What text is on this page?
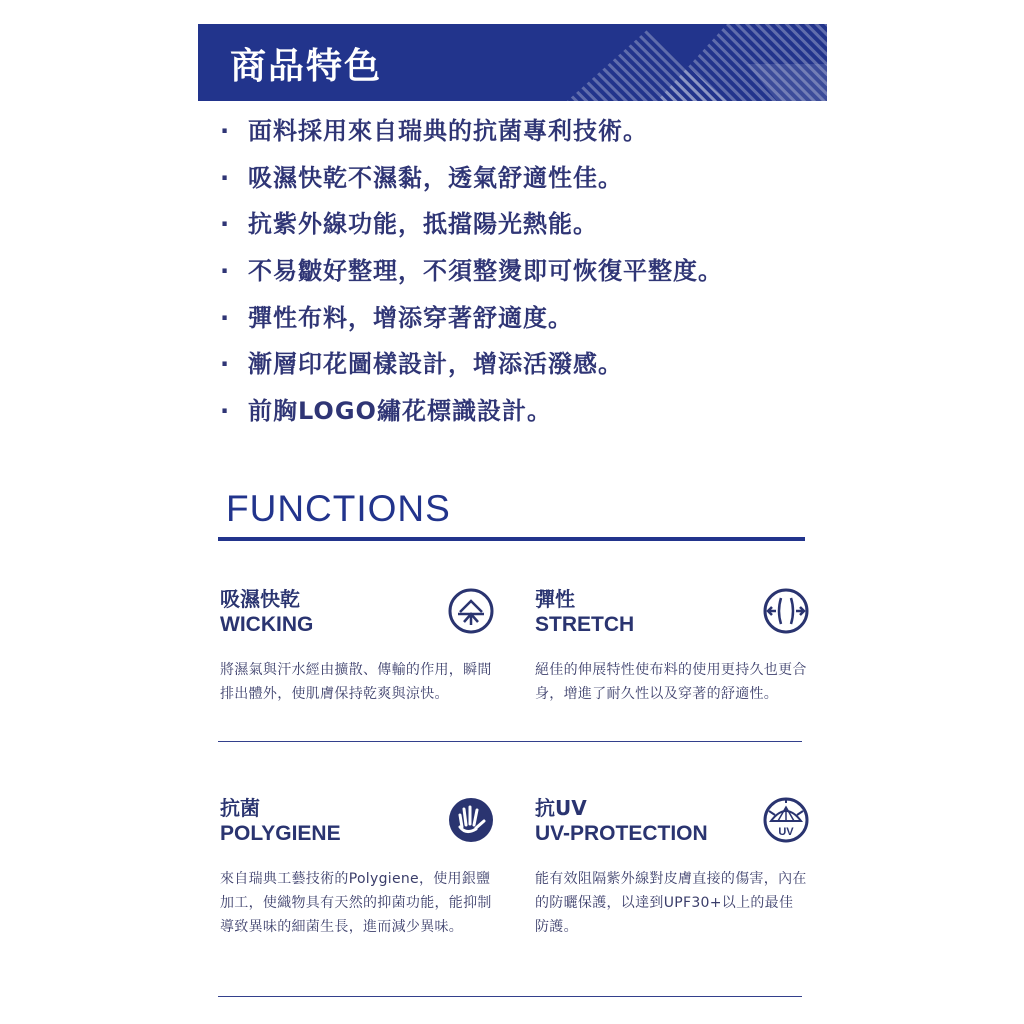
商品特色
· 面料採用來自瑞典的抗菌專利技術。
· 吸濕快乾不濕黏，透氣舒適性佳。
· 抗紫外線功能，抵擋陽光熱能。
· 不易皺好整理，不須整燙即可恢復平整度。
· 彈性布料，增添穿著舒適度。
· 漸層印花圖樣設計，增添活潑感。
· 前胸LOGO繡花標識設計。
FUNCTIONS
吸濕快乾
WICKING
將濕氣與汗水經由擴散、傳輸的作用，瞬間排出體外，使肌膚保持乾爽與涼快。
彈性
STRETCH
絕佳的伸展特性使布料的使用更持久也更合身，增進了耐久性以及穿著的舒適性。
抗菌
POLYGIENE
來自瑞典工藝技術的Polygiene，使用銀鹽加工，使織物具有天然的抑菌功能，能抑制導致異味的細菌生長，進而減少異味。
抗UV
UV-PROTECTION	UV
能有效阻隔紫外線對皮膚直接的傷害，內在的防曬保護，以達到UPF30+以上的最佳防護。
